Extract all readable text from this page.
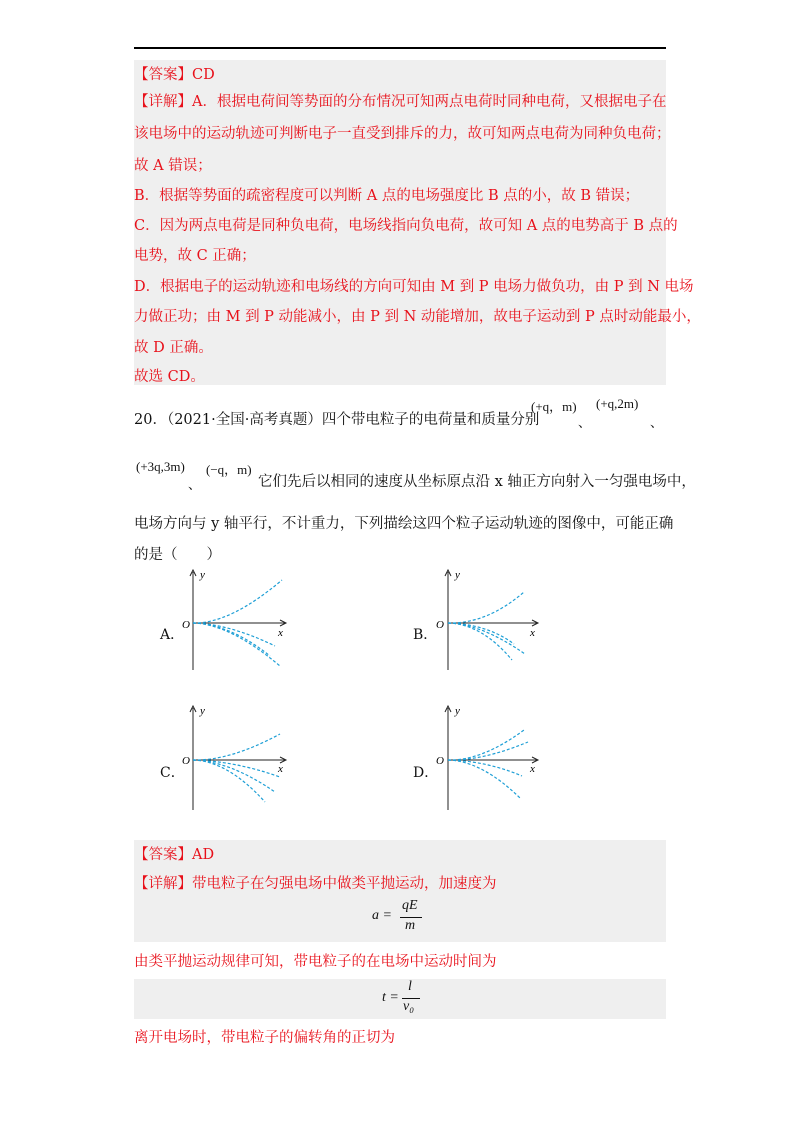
【答案】CD
【详解】A．根据电荷间等势面的分布情况可知两点电荷时同种电荷，又根据电子在
该电场中的运动轨迹可判断电子一直受到排斥的力，故可知两点电荷为同种负电荷；
故 A 错误；
B．根据等势面的疏密程度可以判断 A 点的电场强度比 B 点的小，故 B 错误；
C．因为两点电荷是同种负电荷，电场线指向负电荷，故可知 A 点的电势高于 B 点的
电势，故 C 正确；
D．根据电子的运动轨迹和电场线的方向可知由 M 到 P 电场力做负功，由 P 到 N 电场
力做正功；由 M 到 P 动能减小，由 P 到 N 动能增加，故电子运动到 P 点时动能最小，
故 D 正确。
故选 CD。
20．（2021·全国·高考真题）四个带电粒子的电荷量和质量分别
(+q，m)
、
(+q,2m)
、
(+3q,3m)
、
(−q，m)
它们先后以相同的速度从坐标原点沿 x 轴正方向射入一匀强电场中，
电场方向与 y 轴平行，不计重力，下列描绘这四个粒子运动轨迹的图像中，可能正确
的是（　　）
A．
y
x
O
B．
y
x
O
C．
y
x
O
D．
y
x
O
【答案】AD
【详解】带电粒子在匀强电场中做类平抛运动，加速度为
a =
qE
m
由类平抛运动规律可知，带电粒子的在电场中运动时间为
t =
l
v₀
离开电场时，带电粒子的偏转角的正切为
